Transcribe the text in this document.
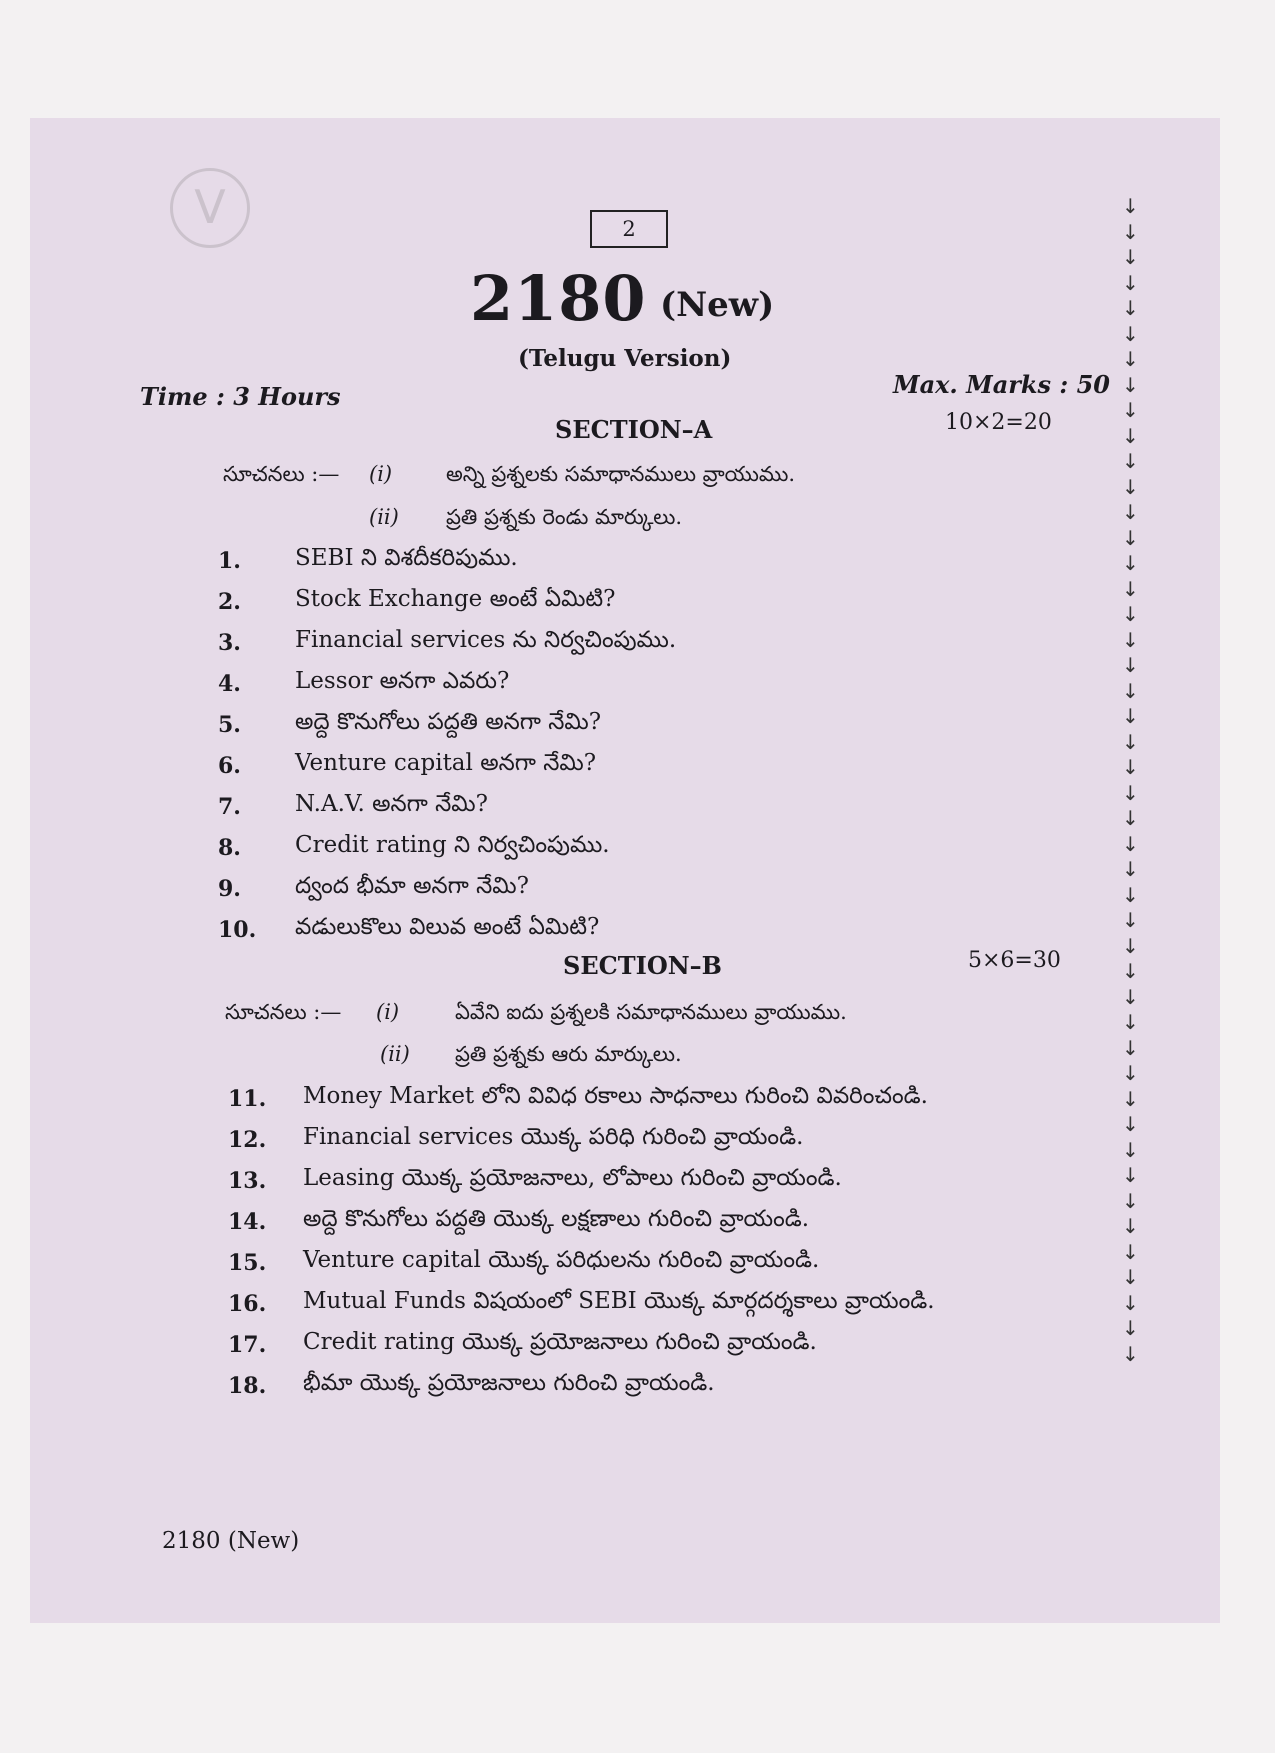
V	2
2180 (New)
(Telugu Version)
Time : 3 Hours	Max. Marks : 50
SECTION–A	10×2=20
సూచనలు :— (i)	అన్ని ప్రశ్నలకు సమాధానములు వ్రాయుము.
(ii) ప్రతి ప్రశ్నకు రెండు మార్కులు.
1.	SEBI ని విశదీకరిపుము.
2.	Stock Exchange అంటే ఏమిటి?
3.	Financial services ను నిర్వచింపుము.
4.	Lessor అనగా ఎవరు?
5.	అద్దె కొనుగోలు పద్దతి అనగా నేమి?
6.	Venture capital అనగా నేమి?
7.	N.A.V. అనగా నేమి?
8.	Credit rating ని నిర్వచింపుము.
9.	ద్వంద భీమా అనగా నేమి?
10.	వడులుకొలు విలువ అంటే ఏమిటి?
SECTION–B	5×6=30
సూచనలు :— (i)	ఏవేని ఐదు ప్రశ్నలకి సమాధానములు వ్రాయుము.
(ii) ప్రతి ప్రశ్నకు ఆరు మార్కులు.
11.	Money Market లోని వివిధ రకాలు సాధనాలు గురించి వివరించండి.
12.	Financial services యొక్క పరిధి గురించి వ్రాయండి.
13.	Leasing యొక్క ప్రయోజనాలు, లోపాలు గురించి వ్రాయండి.
14.	అద్దె కొనుగోలు పద్దతి యొక్క లక్షణాలు గురించి వ్రాయండి.
15.	Venture capital యొక్క పరిధులను గురించి వ్రాయండి.
16.	Mutual Funds విషయంలో SEBI యొక్క మార్గదర్శకాలు వ్రాయండి.
17.	Credit rating యొక్క ప్రయోజనాలు గురించి వ్రాయండి.
18.	భీమా యొక్క ప్రయోజనాలు గురించి వ్రాయండి.
2180 (New)
↓
↓
↓
↓
↓
↓
↓
↓
↓
↓
↓
↓
↓
↓
↓
↓
↓
↓
↓
↓
↓
↓
↓
↓
↓
↓
↓
↓
↓
↓
↓
↓
↓
↓
↓
↓
↓
↓
↓
↓
↓
↓
↓
↓
↓
↓
